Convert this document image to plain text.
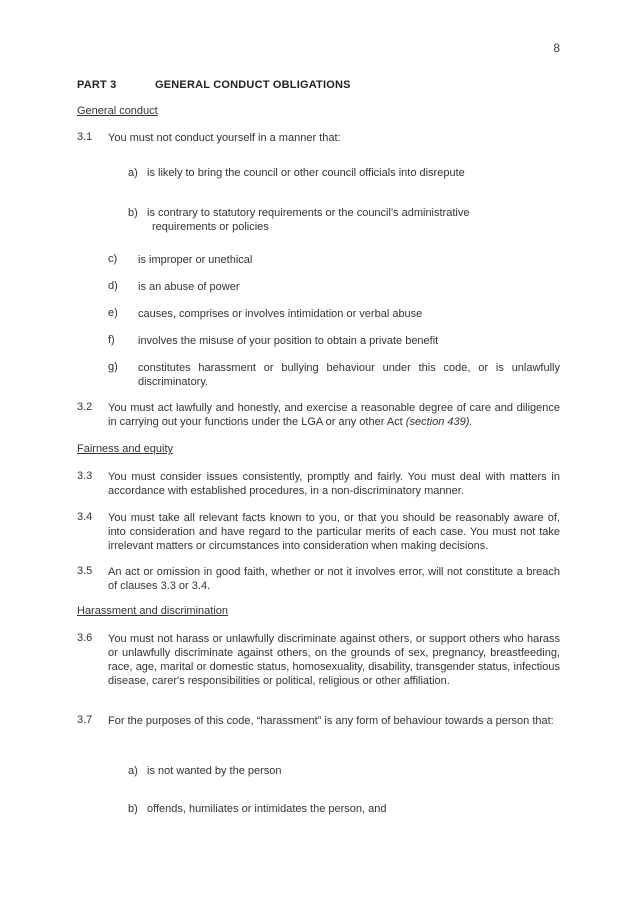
8
PART 3	GENERAL CONDUCT OBLIGATIONS
General conduct
3.1 You must not conduct yourself in a manner that:
a) is likely to bring the council or other council officials into disrepute
b) is contrary to statutory requirements or the council's administrative
requirements or policies
c) is improper or unethical
d) is an abuse of power
e) causes, comprises or involves intimidation or verbal abuse
f) involves the misuse of your position to obtain a private benefit
g) constitutes harassment or bullying behaviour under this code, or is unlawfully discriminatory.
3.2 You must act lawfully and honestly, and exercise a reasonable degree of care and diligence in carrying out your functions under the LGA or any other Act (section 439).
Fairness and equity
3.3 You must consider issues consistently, promptly and fairly. You must deal with matters in accordance with established procedures, in a non-discriminatory manner.
3.4 You must take all relevant facts known to you, or that you should be reasonably aware of, into consideration and have regard to the particular merits of each case. You must not take irrelevant matters or circumstances into consideration when making decisions.
3.5 An act or omission in good faith, whether or not it involves error, will not constitute a breach of clauses 3.3 or 3.4.
Harassment and discrimination
3.6 You must not harass or unlawfully discriminate against others, or support others who harass or unlawfully discriminate against others, on the grounds of sex, pregnancy, breastfeeding, race, age, marital or domestic status, homosexuality, disability, transgender status, infectious disease, carer's responsibilities or political, religious or other affiliation.
3.7 For the purposes of this code, “harassment” is any form of behaviour towards a person that:
a) is not wanted by the person
b) offends, humiliates or intimidates the person, and
